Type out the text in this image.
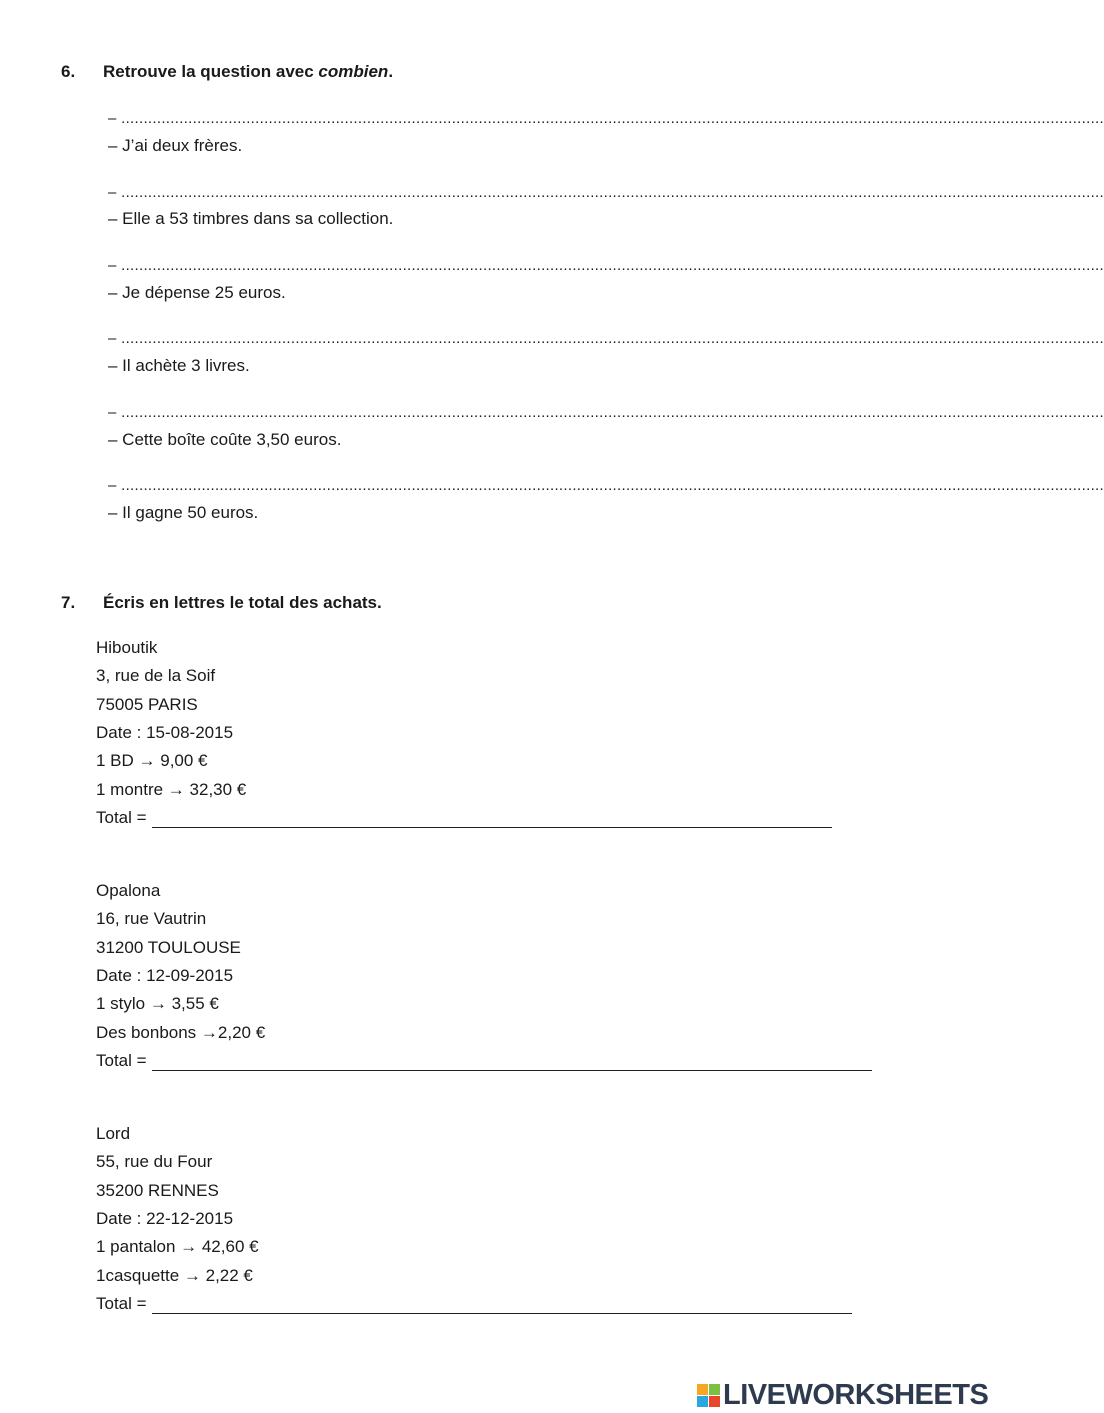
6. Retrouve la question avec combien.
– ............................................................................................................................................................................................................................
– J’ai deux frères.
– ............................................................................................................................................................................................................................
– Elle a 53 timbres dans sa collection.
– ............................................................................................................................................................................................................................
– Je dépense 25 euros.
– ............................................................................................................................................................................................................................
– Il achète 3 livres.
– ............................................................................................................................................................................................................................
– Cette boîte coûte 3,50 euros.
– ............................................................................................................................................................................................................................
– Il gagne 50 euros.
7. Écris en lettres le total des achats.
Hiboutik
3, rue de la Soif
75005 PARIS
Date : 15-08-2015
1 BD → 9,00 €
1 montre → 32,30 €
Total =
Opalona
16, rue Vautrin
31200 TOULOUSE
Date : 12-09-2015
1 stylo → 3,55 €
Des bonbons →2,20 €
Total =
Lord
55, rue du Four
35200 RENNES
Date : 22-12-2015
1 pantalon → 42,60 €
1casquette → 2,22 €
Total =
LIVEWORKSHEETS
